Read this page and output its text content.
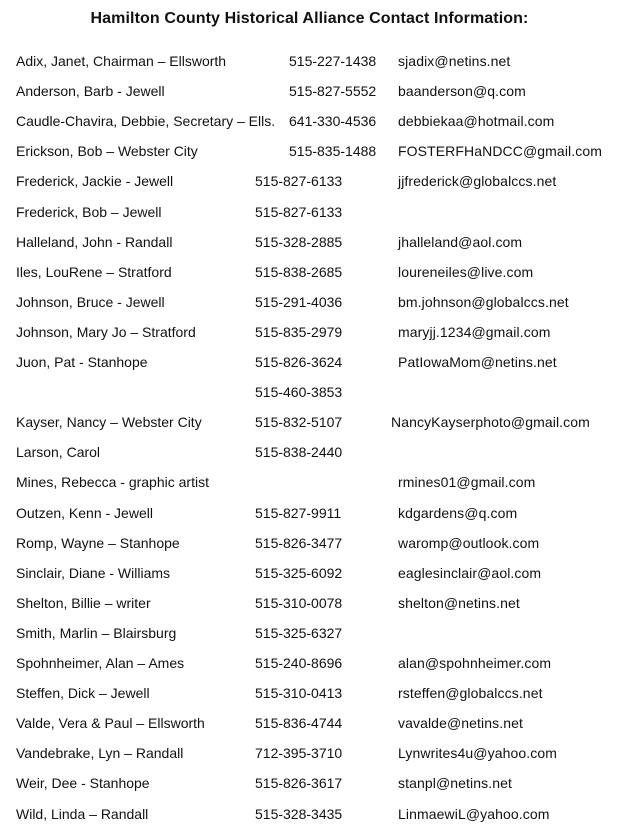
Hamilton County Historical Alliance Contact Information:
Adix, Janet, Chairman – Ellsworth	515-227-1438 sjadix@netins.net
Anderson, Barb - Jewell	515-827-5552 baanderson@q.com
Caudle-Chavira, Debbie, Secretary – Ells. 641-330-4536 debbiekaa@hotmail.com
Erickson, Bob – Webster City	515-835-1488 FOSTERFHaNDCC@gmail.com
Frederick, Jackie - Jewell	515-827-6133	jjfrederick@globalccs.net
Frederick, Bob – Jewell	515-827-6133
Halleland, John - Randall	515-328-2885	jhalleland@aol.com
Iles, LouRene – Stratford	515-838-2685	loureneiles@live.com
Johnson, Bruce - Jewell	515-291-4036	bm.johnson@globalccs.net
Johnson, Mary Jo – Stratford	515-835-2979	maryjj.1234@gmail.com
Juon, Pat - Stanhope	515-826-3624	PatIowaMom@netins.net
515-460-3853
Kayser, Nancy – Webster City	515-832-5107	NancyKayserphoto@gmail.com
Larson, Carol	515-838-2440
Mines, Rebecca - graphic artist	rmines01@gmail.com
Outzen, Kenn - Jewell	515-827-9911	kdgardens@q.com
Romp, Wayne – Stanhope	515-826-3477	waromp@outlook.com
Sinclair, Diane - Williams	515-325-6092	eaglesinclair@aol.com
Shelton, Billie – writer	515-310-0078	shelton@netins.net
Smith, Marlin – Blairsburg	515-325-6327
Spohnheimer, Alan – Ames	515-240-8696	alan@spohnheimer.com
Steffen, Dick – Jewell	515-310-0413	rsteffen@globalccs.net
Valde, Vera & Paul – Ellsworth	515-836-4744	vavalde@netins.net
Vandebrake, Lyn – Randall	712-395-3710	Lynwrites4u@yahoo.com
Weir, Dee - Stanhope	515-826-3617	stanpl@netins.net
Wild, Linda – Randall	515-328-3435	LinmaewiL@yahoo.com
